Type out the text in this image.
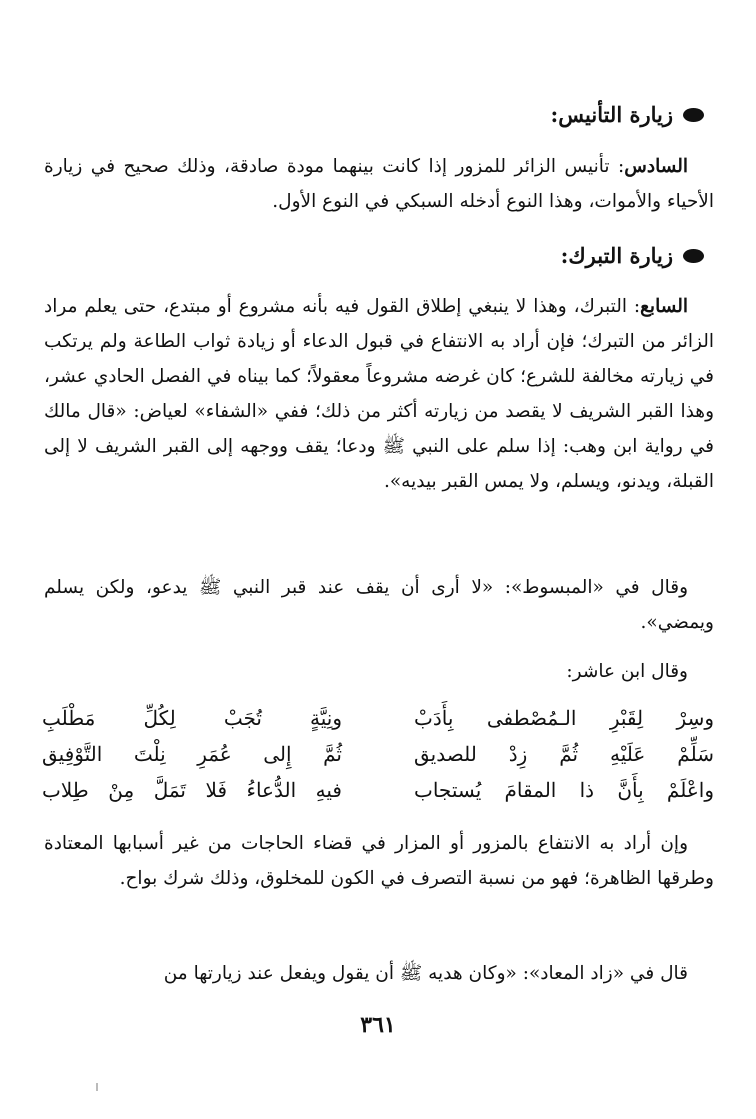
زيارة التأنيس:

السادس: تأنيس الزائر للمزور إذا كانت بينهما مودة صادقة، وذلك صحيح في زيارة الأحياء والأموات، وهذا النوع أدخله السبكي في النوع الأول.

زيارة التبرك:

السابع: التبرك، وهذا لا ينبغي إطلاق القول فيه بأنه مشروع أو مبتدع، حتى يعلم مراد الزائر من التبرك؛ فإن أراد به الانتفاع في قبول الدعاء أو زيادة ثواب الطاعة ولم يرتكب في زيارته مخالفة للشرع؛ كان غرضه مشروعاً معقولاً؛ كما بيناه في الفصل الحادي عشر، وهذا القبر الشريف لا يقصد من زيارته أكثر من ذلك؛ ففي «الشفاء» لعياض: «قال مالك في رواية ابن وهب: إذا سلم على النبي ﷺ ودعا؛ يقف ووجهه إلى القبر الشريف لا إلى القبلة، ويدنو، ويسلم، ولا يمس القبر بيديه».

وقال في «المبسوط»: «لا أرى أن يقف عند قبر النبي ﷺ يدعو، ولكن يسلم ويمضي».

وقال ابن عاشر:

وسِرْ لِقَبْرِ الـمُصْطفى بِأَدَبْ
ونِيَّةٍ تُجَبْ لِكُلِّ مَطْلَبِ
سَلِّمْ عَلَيْهِ ثُمَّ زِدْ للصديق
ثُمَّ إِلى عُمَرِ نِلْتَ التَّوْفِيق
واعْلَمْ بِأَنَّ ذا المقامَ يُستجاب
فيهِ الدُّعاءُ فَلا تَمَلَّ مِنْ طِلاب

وإن أراد به الانتفاع بالمزور أو المزار في قضاء الحاجات من غير أسبابها المعتادة وطرقها الظاهرة؛ فهو من نسبة التصرف في الكون للمخلوق، وذلك شرك بواح.

قال في «زاد المعاد»: «وكان هديه ﷺ أن يقول ويفعل عند زيارتها من

٣٦١
